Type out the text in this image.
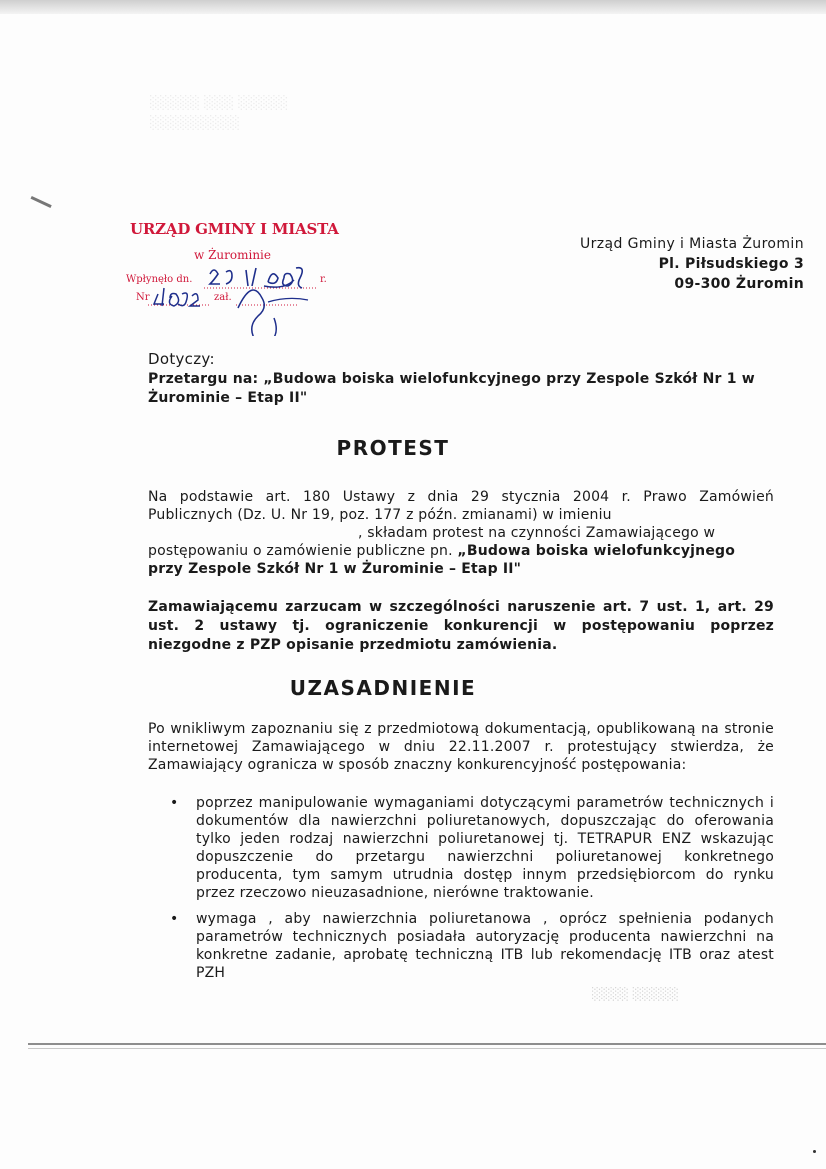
░░░░░ ░░░ ░░░░░
░░░░░░░░░
URZĄD GMINY I MIASTA
w Żurominie
Wpłynęło dn.	r.
Nr	zał.
Urząd Gminy i Miasta Żuromin
Pl. Piłsudskiego 3
09-300 Żuromin
Dotyczy:
Przetargu na: „Budowa boiska wielofunkcyjnego przy Zespole Szkół Nr 1 w Żurominie – Etap II"
PROTEST
Na podstawie art. 180 Ustawy z dnia 29 stycznia 2004 r. Prawo Zamówień
Publicznych (Dz. U. Nr 19, poz. 177 z późn. zmianami) w imieniu
, składam protest na czynności Zamawiającego w
postępowaniu o zamówienie publiczne pn. „Budowa boiska wielofunkcyjnego
przy Zespole Szkół Nr 1 w Żurominie – Etap II"
Zamawiającemu zarzucam w szczególności naruszenie art. 7 ust. 1, art. 29 ust. 2 ustawy tj. ograniczenie konkurencji w postępowaniu poprzez niezgodne z PZP opisanie przedmiotu zamówienia.
UZASADNIENIE
Po wnikliwym zapoznaniu się z przedmiotową dokumentacją, opublikowaną na stronie internetowej Zamawiającego w dniu 22.11.2007 r. protestujący stwierdza, że Zamawiający ogranicza w sposób znaczny konkurencyjność postępowania:
• poprzez manipulowanie wymaganiami dotyczącymi parametrów technicznych i dokumentów dla nawierzchni poliuretanowych, dopuszczając do oferowania tylko jeden rodzaj nawierzchni poliuretanowej tj. TETRAPUR ENZ wskazując dopuszczenie do przetargu nawierzchni poliuretanowej konkretnego producenta, tym samym utrudnia dostęp innym przedsiębiorcom do rynku przez rzeczowo nieuzasadnione, nierówne traktowanie.
• wymaga , aby nawierzchnia poliuretanowa , oprócz spełnienia podanych parametrów technicznych posiadała autoryzację producenta nawierzchni na konkretne zadanie, aprobatę techniczną ITB lub rekomendację ITB oraz atest PZH
░░░░ ░░░░░
